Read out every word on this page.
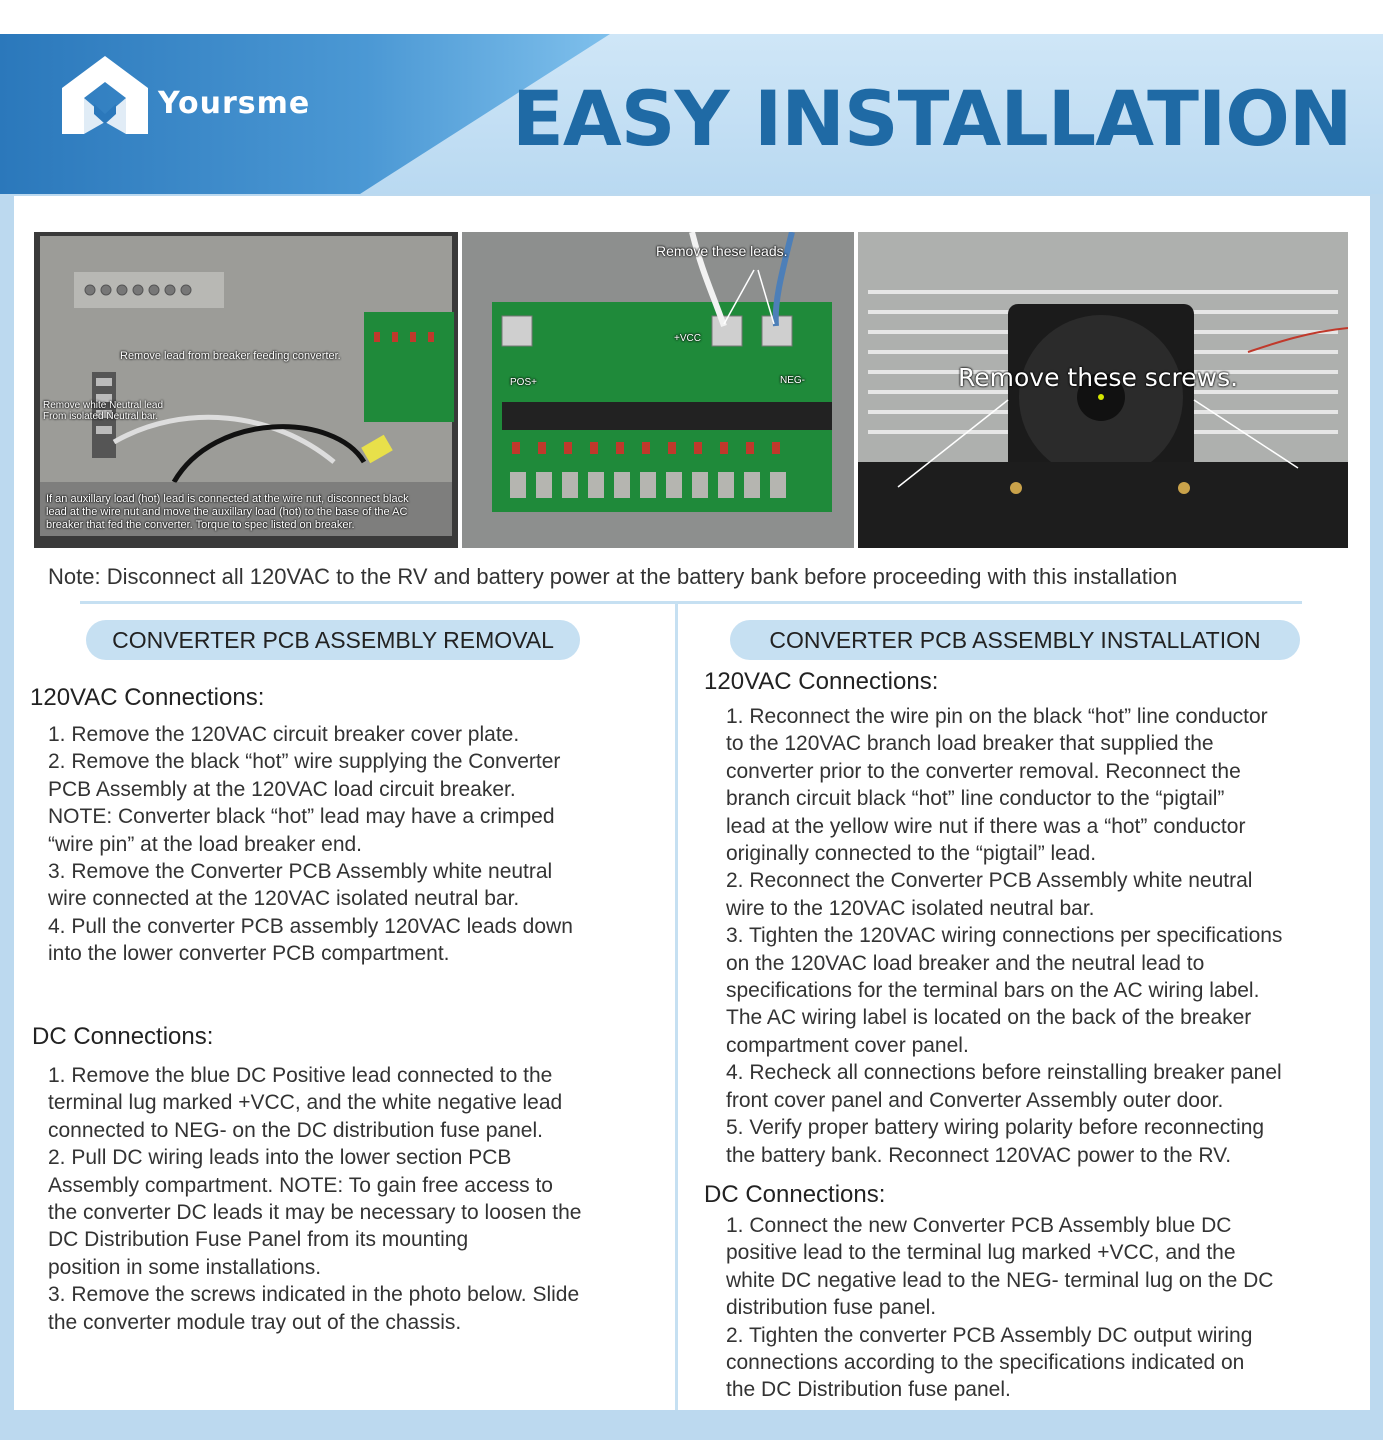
Yoursme	EASY INSTALLATION
Remove lead from breaker feeding converter.
Remove white Neutral lead
From isolated Neutral bar.
If an auxillary load (hot) lead is connected at the wire nut, disconnect black
lead at the wire nut and move the auxillary load (hot) to the base of the AC
breaker that fed the converter. Torque to spec listed on breaker.
Remove these leads.
POS+	NEG-
+VCC
Remove these screws.
Note: Disconnect all 120VAC to the RV and battery power at the battery bank before proceeding with this installation
CONVERTER PCB ASSEMBLY REMOVAL
120VAC Connections:
1. Remove the 120VAC circuit breaker cover plate.
2. Remove the black “hot” wire supplying the Converter
PCB Assembly at the 120VAC load circuit breaker.
NOTE: Converter black “hot” lead may have a crimped
“wire pin” at the load breaker end.
3. Remove the Converter PCB Assembly white neutral
wire connected at the 120VAC isolated neutral bar.
4. Pull the converter PCB assembly 120VAC leads down
into the lower converter PCB compartment.
DC Connections:
1. Remove the blue DC Positive lead connected to the
terminal lug marked +VCC, and the white negative lead
connected to NEG- on the DC distribution fuse panel.
2. Pull DC wiring leads into the lower section PCB
Assembly compartment. NOTE: To gain free access to
the converter DC leads it may be necessary to loosen the
DC Distribution Fuse Panel from its mounting
position in some installations.
3. Remove the screws indicated in the photo below. Slide
the converter module tray out of the chassis.
CONVERTER PCB ASSEMBLY INSTALLATION
120VAC Connections:
1. Reconnect the wire pin on the black “hot” line conductor
to the 120VAC branch load breaker that supplied the
converter prior to the converter removal. Reconnect the
branch circuit black “hot” line conductor to the “pigtail”
lead at the yellow wire nut if there was a “hot” conductor
originally connected to the “pigtail” lead.
2. Reconnect the Converter PCB Assembly white neutral
wire to the 120VAC isolated neutral bar.
3. Tighten the 120VAC wiring connections per specifications
on the 120VAC load breaker and the neutral lead to
specifications for the terminal bars on the AC wiring label.
The AC wiring label is located on the back of the breaker
compartment cover panel.
4. Recheck all connections before reinstalling breaker panel
front cover panel and Converter Assembly outer door.
5. Verify proper battery wiring polarity before reconnecting
the battery bank. Reconnect 120VAC power to the RV.
DC Connections:
1. Connect the new Converter PCB Assembly blue DC
positive lead to the terminal lug marked +VCC, and the
white DC negative lead to the NEG- terminal lug on the DC
distribution fuse panel.
2. Tighten the converter PCB Assembly DC output wiring
connections according to the specifications indicated on
the DC Distribution fuse panel.
